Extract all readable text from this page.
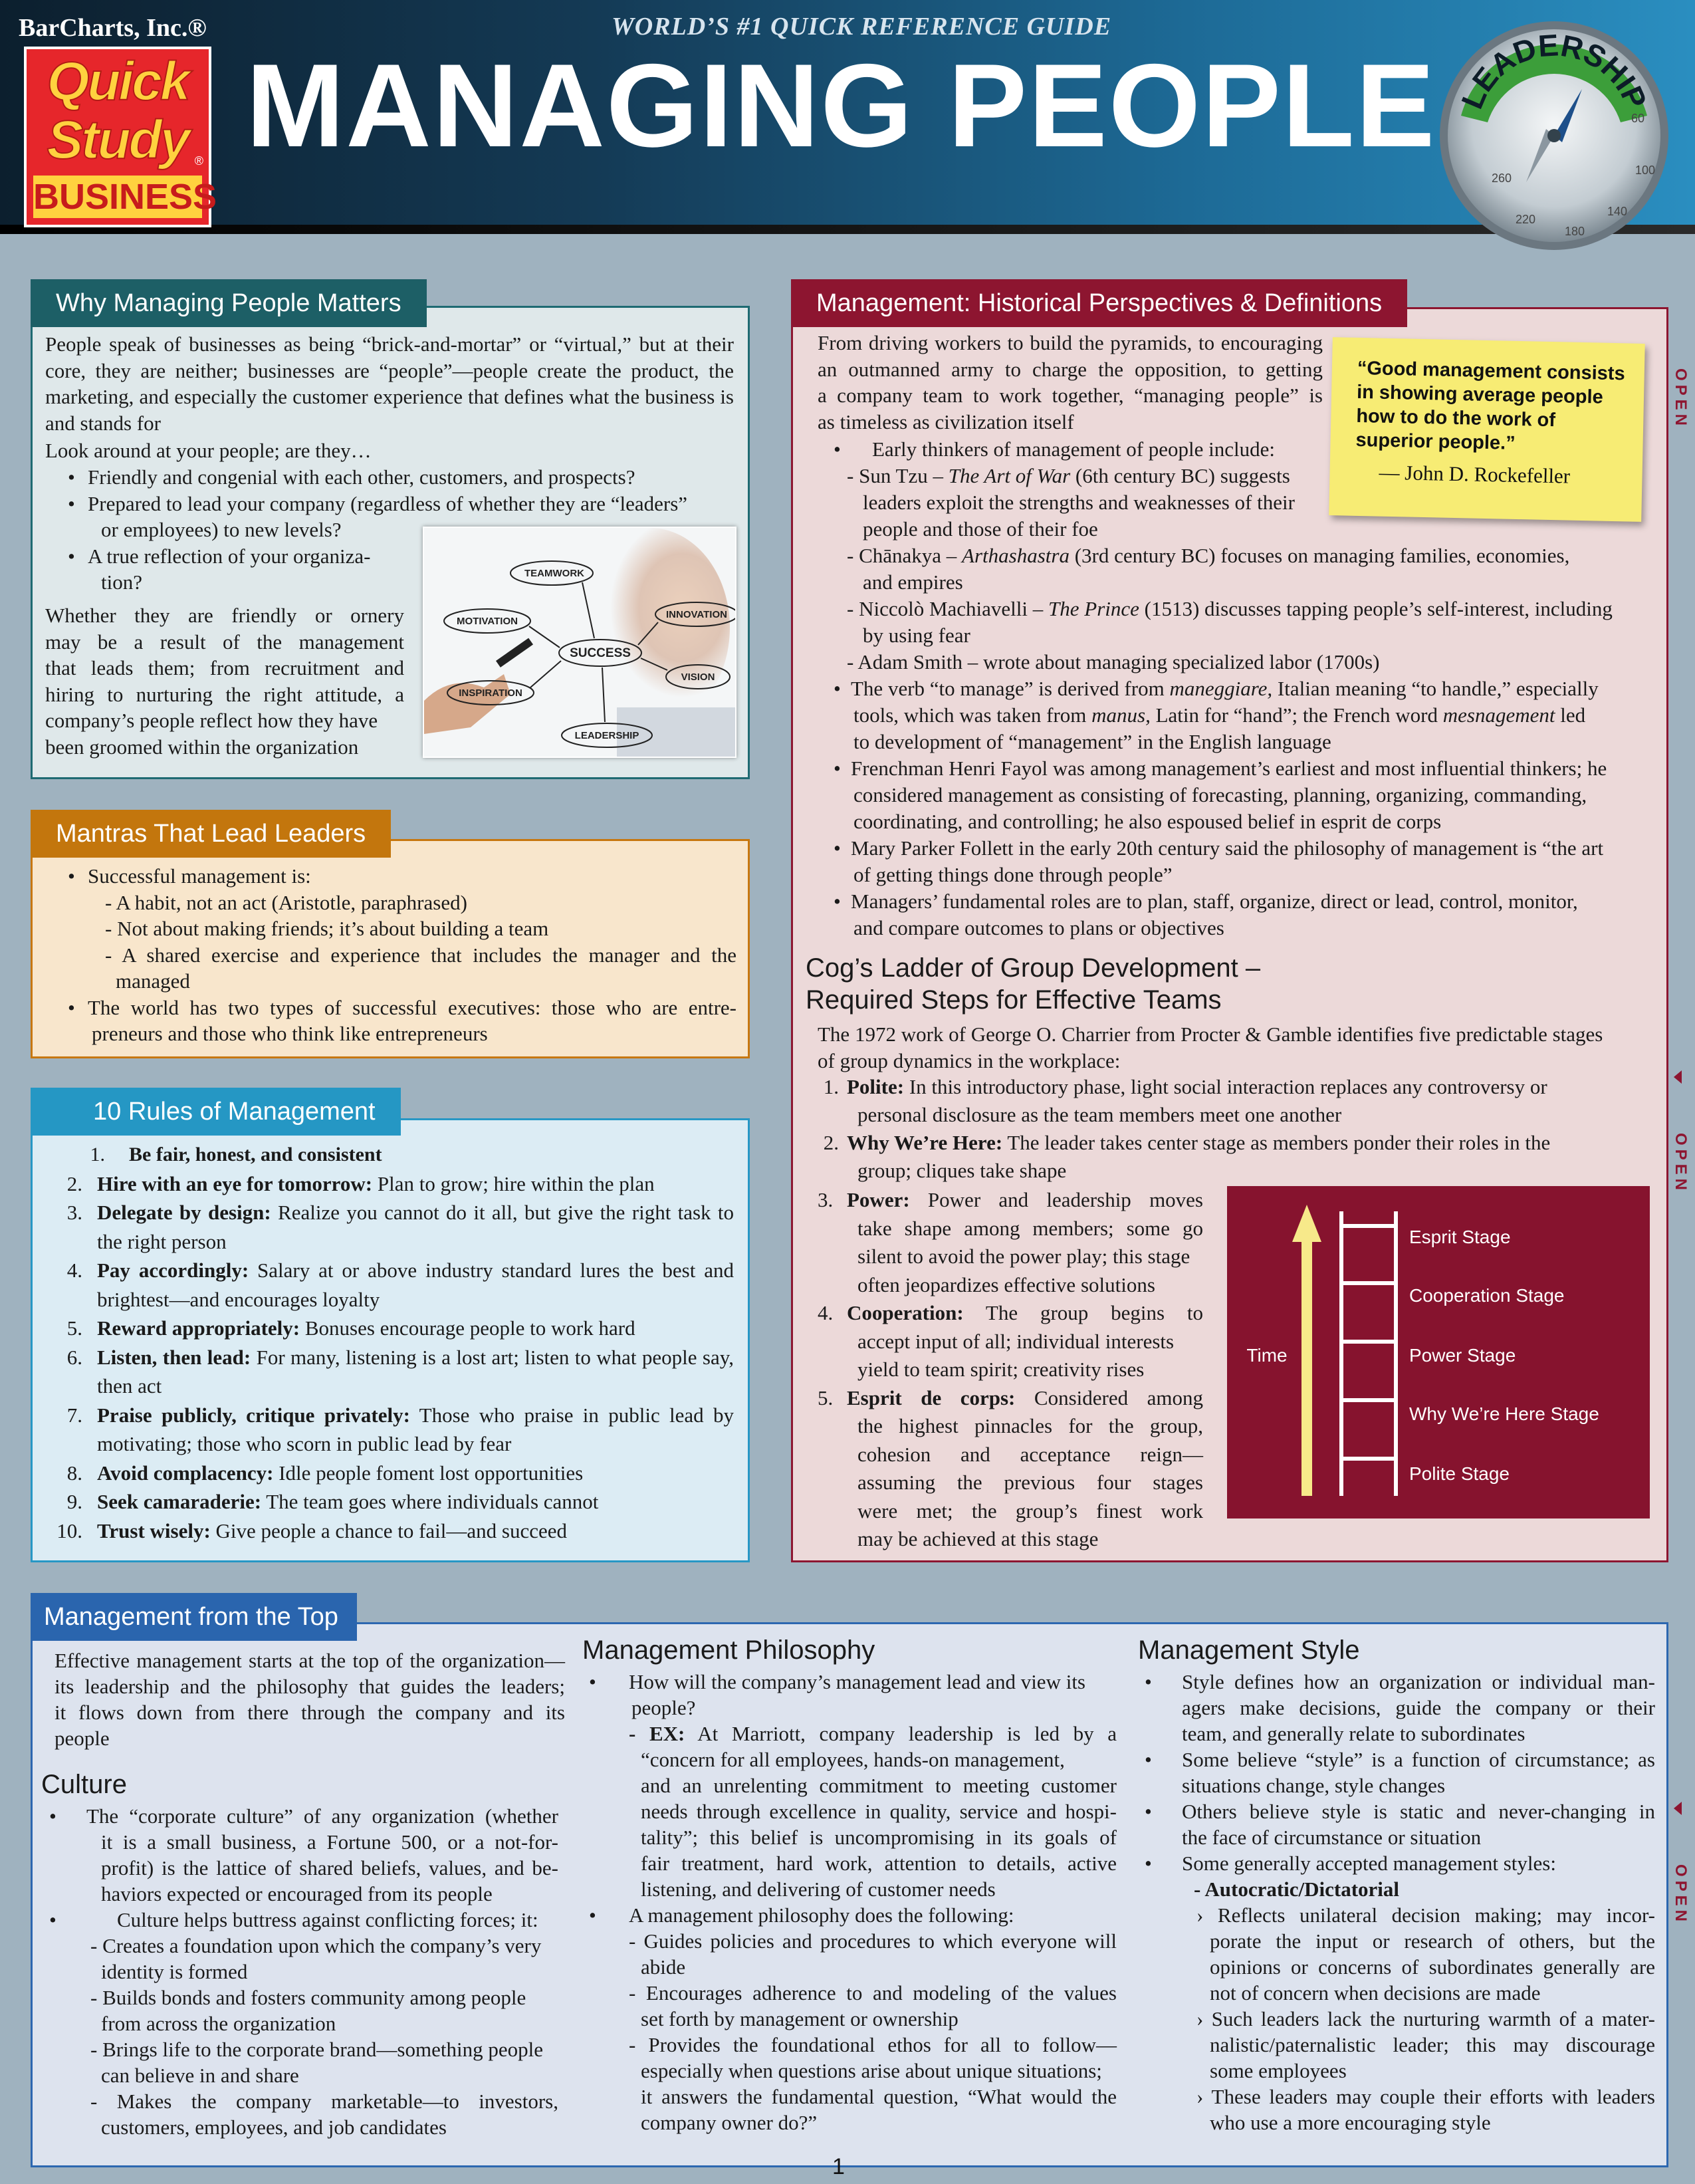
BarCharts, Inc.®
Quick
Study ®
BUSINESS
WORLD’S #1 QUICK REFERENCE GUIDE
MANAGING PEOPLE LEADERSHIP
260
60
100
140
180
220
Why Managing People Matters
People speak of businesses as being “brick-and-mortar” or “virtual,” but at their core, they are neither; businesses are “people”—people create the product, the marketing, and especially the customer experience that defines what the business is and stands for
Look around at your people; are they…
• Friendly and congenial with each other, customers, and prospects?
• Prepared to lead your company (regardless of whether they are “leaders”
or employees) to new levels?
• A true reflection of your organiza-
tion?
Whether they are friendly or ornery
may be a result of the management
that leads them; from recruitment and
hiring to nurturing the right attitude, a
company’s people reflect how they have
been groomed within the organization
TEAMWORK
MOTIVATION
INNOVATION
SUCCESS
VISION
INSPIRATION
LEADERSHIP
Mantras That Lead Leaders
• Successful management is:
- A habit, not an act (Aristotle, paraphrased)
- Not about making friends; it’s about building a team
- A shared exercise and experience that includes the manager and the
managed
• The world has two types of successful executives: those who are entre-
preneurs and those who think like entrepreneurs
10 Rules of Management
1. Be fair, honest, and consistent
2. Hire with an eye for tomorrow: Plan to grow; hire within the plan
3. Delegate by design: Realize you cannot do it all, but give the right task to the right person
4. Pay accordingly: Salary at or above industry standard lures the best and brightest—and encourages loyalty
5. Reward appropriately: Bonuses encourage people to work hard
6. Listen, then lead: For many, listening is a lost art; listen to what people say, then act
7. Praise publicly, critique privately: Those who praise in public lead by motivating; those who scorn in public lead by fear
8. Avoid complacency: Idle people foment lost opportunities
9. Seek camaraderie: The team goes where individuals cannot
10. Trust wisely: Give people a chance to fail—and succeed
Management: Historical Perspectives & Definitions
From driving workers to build the pyramids, to encouraging
an outmanned army to charge the opposition, to getting
a company team to work together, “managing people” is
as timeless as civilization itself
• Early thinkers of management of people include:
- Sun Tzu – The Art of War (6th century BC) suggests
leaders exploit the strengths and weaknesses of their
people and those of their foe
- Chānakya – Arthashastra (3rd century BC) focuses on managing families, economies,
and empires
- Niccolò Machiavelli – The Prince (1513) discusses tapping people’s self-interest, including
by using fear
- Adam Smith – wrote about managing specialized labor (1700s)
• The verb “to manage” is derived from maneggiare, Italian meaning “to handle,” especially
tools, which was taken from manus, Latin for “hand”; the French word mesnagement led
to development of “management” in the English language
• Frenchman Henri Fayol was among management’s earliest and most influential thinkers; he
considered management as consisting of forecasting, planning, organizing, commanding,
coordinating, and controlling; he also espoused belief in esprit de corps
• Mary Parker Follett in the early 20th century said the philosophy of management is “the art
of getting things done through people”
• Managers’ fundamental roles are to plan, staff, organize, direct or lead, control, monitor,
and compare outcomes to plans or objectives
“Good management consists in showing average people how to do the work of superior people.”
— John D. Rockefeller
Cog’s Ladder of Group Development –
Required Steps for Effective Teams
The 1972 work of George O. Charrier from Procter & Gamble identifies five predictable stages
of group dynamics in the workplace:
1. Polite: In this introductory phase, light social interaction replaces any controversy or
personal disclosure as the team members meet one another
2. Why We’re Here: The leader takes center stage as members ponder their roles in the
group; cliques take shape
3. Power: Power and leadership moves
take shape among members; some go
silent to avoid the power play; this stage
often jeopardizes effective solutions
4. Cooperation: The group begins to
accept input of all; individual interests
yield to team spirit; creativity rises
5. Esprit de corps: Considered among
the highest pinnacles for the group,
cohesion and acceptance reign—
assuming the previous four stages
were met; the group’s finest work
may be achieved at this stage
Time
Esprit Stage
Cooperation Stage
Power Stage
Why We’re Here Stage
Polite Stage
Management from the Top
Effective management starts at the top of the organization—
its leadership and the philosophy that guides the leaders;
it flows down from there through the company and its
people
Culture
• The “corporate culture” of any organization (whether
it is a small business, a Fortune 500, or a not-for-
profit) is the lattice of shared beliefs, values, and be-
haviors expected or encouraged from its people
• Culture helps buttress against conflicting forces; it:
- Creates a foundation upon which the company’s very
identity is formed
- Builds bonds and fosters community among people
from across the organization
- Brings life to the corporate brand—something people
can believe in and share
- Makes the company marketable—to investors,
customers, employees, and job candidates
Management Philosophy
• How will the company’s management lead and view its
people?
- EX: At Marriott, company leadership is led by a
“concern for all employees, hands-on management,
and an unrelenting commitment to meeting customer
needs through excellence in quality, service and hospi-
tality”; this belief is uncompromising in its goals of
fair treatment, hard work, attention to details, active
listening, and delivering of customer needs
• A management philosophy does the following:
- Guides policies and procedures to which everyone will
abide
- Encourages adherence to and modeling of the values
set forth by management or ownership
- Provides the foundational ethos for all to follow—
especially when questions arise about unique situations;
it answers the fundamental question, “What would the
company owner do?”
Management Style
• Style defines how an organization or individual man-
agers make decisions, guide the company or their
team, and generally relate to subordinates
• Some believe “style” is a function of circumstance; as
situations change, style changes
• Others believe style is static and never-changing in
the face of circumstance or situation
• Some generally accepted management styles:
- Autocratic/Dictatorial
› Reflects unilateral decision making; may incor-
porate the input or research of others, but the
opinions or concerns of subordinates generally are
not of concern when decisions are made
› Such leaders lack the nurturing warmth of a mater-
nalistic/paternalistic leader; this may discourage
some employees
› These leaders may couple their efforts with leaders
who use a more encouraging style
OPEN
OPEN
OPEN
1
